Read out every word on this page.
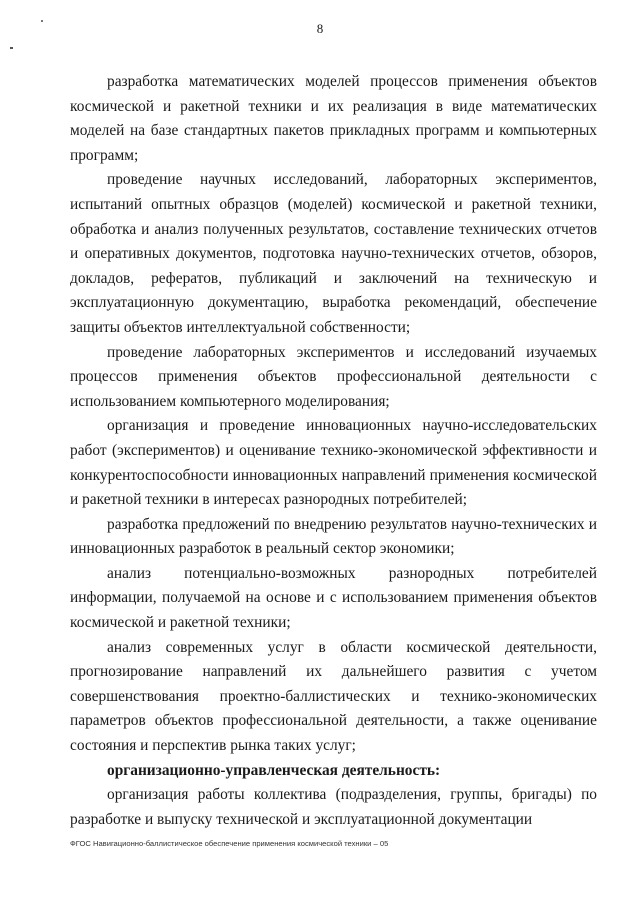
8

разработка математических моделей процессов применения объектов космической и ракетной техники и их реализация в виде математических моделей на базе стандартных пакетов прикладных программ и компьютерных программ;

проведение научных исследований, лабораторных экспериментов, испытаний опытных образцов (моделей) космической и ракетной техники, обработка и анализ полученных результатов, составление технических отчетов и оперативных документов, подготовка научно-технических отчетов, обзоров, докладов, рефератов, публикаций и заключений на техническую и эксплуатационную документацию, выработка рекомендаций, обеспечение защиты объектов интеллектуальной собственности;

проведение лабораторных экспериментов и исследований изучаемых процессов применения объектов профессиональной деятельности с использованием компьютерного моделирования;

организация и проведение инновационных научно-исследовательских работ (экспериментов) и оценивание технико-экономической эффективности и конкурентоспособности инновационных направлений применения космической и ракетной техники в интересах разнородных потребителей;

разработка предложений по внедрению результатов научно-технических и инновационных разработок в реальный сектор экономики;

анализ потенциально-возможных разнородных потребителей информации, получаемой на основе и с использованием применения объектов космической и ракетной техники;

анализ современных услуг в области космической деятельности, прогнозирование направлений их дальнейшего развития с учетом совершенствования проектно-баллистических и технико-экономических параметров объектов профессиональной деятельности, а также оценивание состояния и перспектив рынка таких услуг;

организационно-управленческая деятельность:

организация работы коллектива (подразделения, группы, бригады) по разработке и выпуску технической и эксплуатационной документации

ФГОС Навигационно-баллистическое обеспечение применения космической техники – 05
